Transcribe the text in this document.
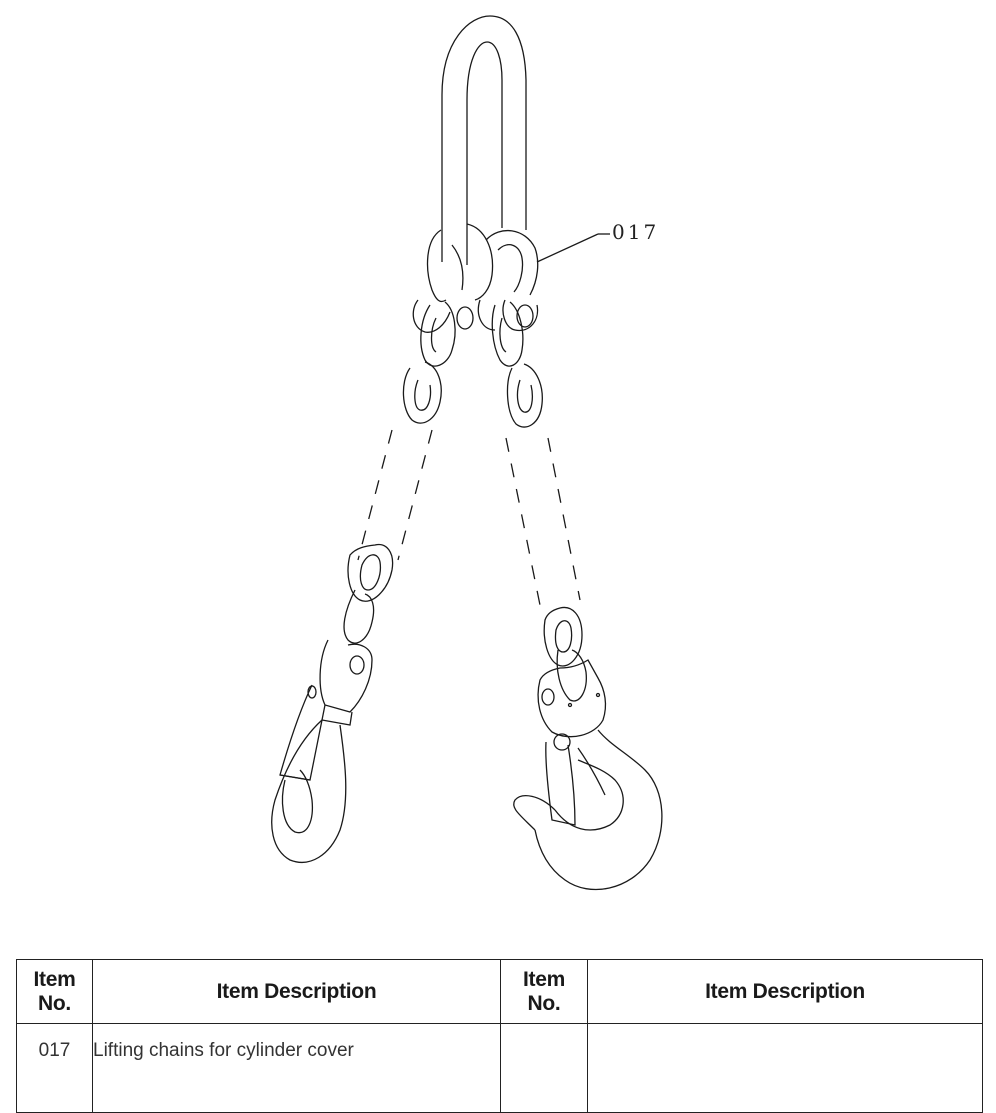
017
Item
No.
	Item Description	
Item
No.
	Item Description
017	Lifting chains for cylinder cover		
